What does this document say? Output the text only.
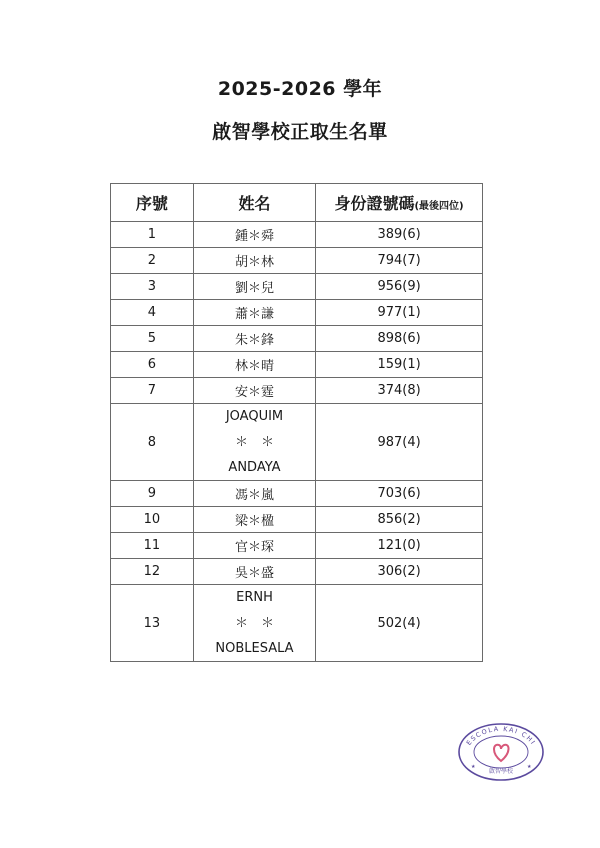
2025-2026 學年
啟智學校正取生名單
序號	姓名	身份證號碼(最後四位)
1	鍾＊舜	389(6)
2	胡＊林	794(7)
3	劉＊兒	956(9)
4	蕭＊謙	977(1)
5	朱＊鋒	898(6)
6	林＊晴	159(1)
7	安＊霆	374(8)
8	JOAQUIM
＊　＊
ANDAYA	987(4)
9	馮＊嵐	703(6)
10	梁＊楹	856(2)
11	官＊琛	121(0)
12	吳＊盛	306(2)
13	ERNH
＊　＊
NOBLESALA	502(4)
ESCOLA KAI CHI
★	★
啟智學校
